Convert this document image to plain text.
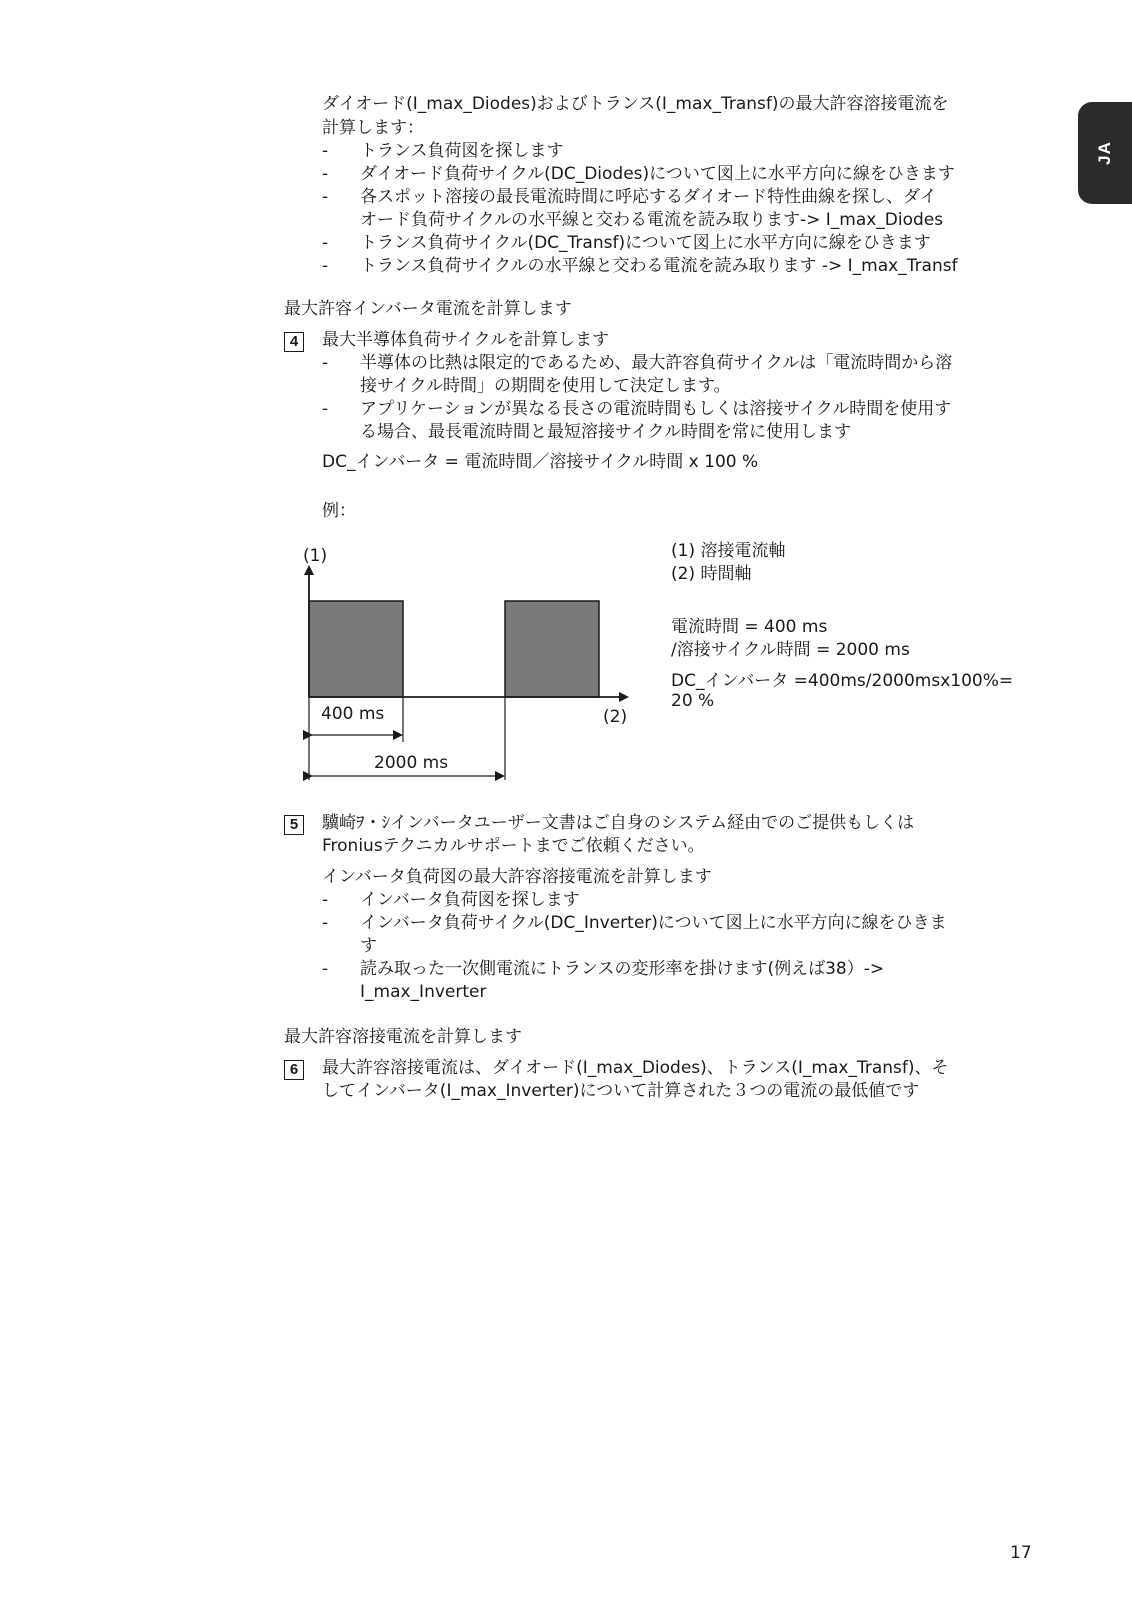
JA
ダイオード(I_max_Diodes)およびトランス(I_max_Transf)の最大許容溶接電流を
計算します：
- トランス負荷図を探します
- ダイオード負荷サイクル(DC_Diodes)について図上に水平方向に線をひきます
- 各スポット溶接の最長電流時間に呼応するダイオード特性曲線を探し、ダイ
オード負荷サイクルの水平線と交わる電流を読み取ります-> I_max_Diodes
- トランス負荷サイクル(DC_Transf)について図上に水平方向に線をひきます
- トランス負荷サイクルの水平線と交わる電流を読み取ります -> I_max_Transf
最大許容インバータ電流を計算します
4	最大半導体負荷サイクルを計算します
- 半導体の比熱は限定的であるため、最大許容負荷サイクルは「電流時間から溶
接サイクル時間」の期間を使用して決定します。
- アプリケーションが異なる長さの電流時間もしくは溶接サイクル時間を使用す
る場合、最長電流時間と最短溶接サイクル時間を常に使用します
DC_インバータ = 電流時間／溶接サイクル時間 x 100 %
例：
(1)
(2)
400 ms
2000 ms
(1) 溶接電流軸
(2) 時間軸
電流時間 = 400 ms
/溶接サイクル時間 = 2000 ms
DC_インバータ =400ms/2000msx100%=
20 %
5	驥崎ｦ・ｼインバータユーザー文書はご自身のシステム経由でのご提供もしくは
Froniusテクニカルサポートまでご依頼ください。
インバータ負荷図の最大許容溶接電流を計算します
- インバータ負荷図を探します
- インバータ負荷サイクル(DC_Inverter)について図上に水平方向に線をひきま
す
- 読み取った一次側電流にトランスの変形率を掛けます(例えば38）->
I_max_Inverter
最大許容溶接電流を計算します
6	最大許容溶接電流は、ダイオード(I_max_Diodes)、トランス(I_max_Transf)、そ
してインバータ(I_max_Inverter)について計算された３つの電流の最低値です
17
